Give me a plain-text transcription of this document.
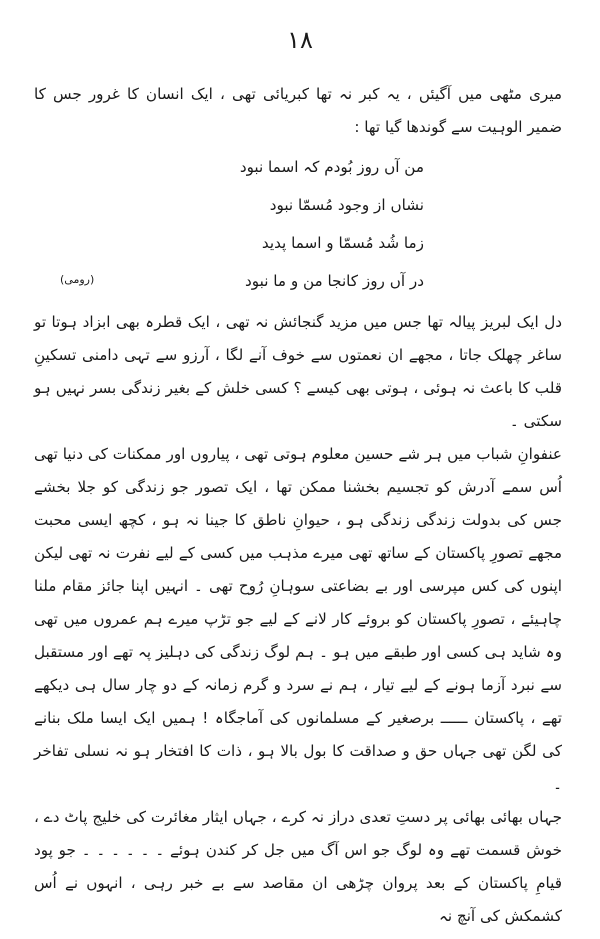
۱۸

میری مٹھی میں آگیئں ، یہ کبر نہ تھا کبریائی تھی ، ایک انسان کا غرور جس کا ضمیر الوہیت سے گوندھا گیا تھا :

من آں روز بُودم کہ اسما نبود
نشاں از وجود مُسمّا نبود
زما شُد مُسمّا و اسما پدید
در آں روز کانجا من و ما نبود
(رومی)

دل ایک لبریز پیالہ تھا جس میں مزید گنجائش نہ تھی ، ایک قطرہ بھی ابزاد ہوتا تو ساغر چھلک جاتا ، مجھے ان نعمتوں سے خوف آنے لگا ، آرزو سے تہی دامنی تسکینِ قلب کا باعث نہ ہوئی ، ہوتی بھی کیسے ؟ کسی خلش کے بغیر زندگی بسر نہیں ہو سکتی ۔

عنفوانِ شباب میں ہر شے حسین معلوم ہوتی تھی ، پیاروں اور ممکنات کی دنیا تھی اُس سمے آدرش کو تجسیم بخشنا ممکن تھا ، ایک تصور جو زندگی کو جلا بخشے جس کی بدولت زندگی زندگی ہو ، حیوانِ ناطق کا جینا نہ ہو ، کچھ ایسی محبت مجھے تصورِ پاکستان کے ساتھ تھی میرے مذہب میں کسی کے لیے نفرت نہ تھی لیکن اپنوں کی کس مپرسی اور بے بضاعتی سوہانِ رُوح تھی ۔ انہیں اپنا جائز مقام ملنا چاہیئے ، تصورِ پاکستان کو بروئے کار لانے کے لیے جو تڑپ میرے ہم عمروں میں تھی وہ شاید ہی کسی اور طبقے میں ہو ۔ ہم لوگ زندگی کی دہلیز پہ تھے اور مستقبل سے نبرد آزما ہونے کے لیے تیار ، ہم نے سرد و گرم زمانہ کے دو چار سال ہی دیکھے تھے ، پاکستان ــــــ برصغیر کے مسلمانوں کی آماجگاہ ! ہمیں ایک ایسا ملک بنانے کی لگن تھی جہاں حق و صداقت کا بول بالا ہو ، ذات کا افتخار ہو نہ نسلی تفاخر ۔

جہاں بھائی بھائی پر دستِ تعدی دراز نہ کرے ، جہاں ایثار مغائرت کی خلیج پاٹ دے ، خوش قسمت تھے وہ لوگ جو اس آگ میں جل کر کندن ہوئے ۔ ۔ ۔ ۔ ۔ ۔ جو پود قیامِ پاکستان کے بعد پروان چڑھی ان مقاصد سے بے خبر رہی ، انہوں نے اُس کشمکش کی آنچ نہ
